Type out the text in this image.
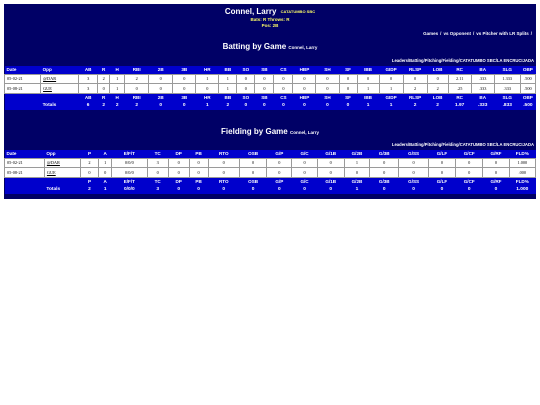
Connel, Larry CATATUMBO SBC
Bats: R Throws: R
Pos: 2B
Games / vs Opponent / vs Pitcher with LR Splits /
Batting by Game Connel, Larry
Leaders/Batting/Pitching/Fielding/CATATUMBO SBC/LA ENCRUCIJADA
Date	Opp	AB	R	H	RBI	2B	3B	HR	BB	SO	SB	CS	HBP	SH	SF	IBB	GIDP	RLSP	LOB	RC	BA	SLG	OBP
05-02-21	@DAR	3	2	1	2	0	0	1	1	0	0	0	0	0	0	0	0	0	0	2.11	.333	1.333	.500
05-08-21	GUE	3	0	1	0	0	0	0	1	0	0	0	0	0	0	1	1	2	2	.25	.333	.333	.500
		AB	R	H	RBI	2B	3B	HR	BB	SO	SB	CS	HBP	SH	SF	IBB	GIDP	RLSP	LOB	RC	BA	SLG	OBP
	Totals	6	2	2	2	0	0	1	2	0	0	0	0	0	0	1	1	2	2	1.97	.333	.833	.500
Fielding by Game Connel, Larry
Leaders/Batting/Pitching/Fielding/CATATUMBO SBC/LA ENCRUCIJADA
Date	Opp	P	A	E/F/T	TC	DP	PB	RTO	OSB	G/P	G/C	G/1B	G/2B	G/3B	G/SS	G/LF	G/CF	G/RF	FLD%
05-02-21	@DAR	2	1	0/0/0	3	0	0	0	0	0	0	0	1	0	0	0	0	0	1.000
05-08-21	GUE	0	0	0/0/0	0	0	0	0	0	0	0	0	0	0	0	0	0	0	.000
		P	A	E/F/T	TC	DP	PB	RTO	OSB	G/P	G/C	G/1B	G/2B	G/3B	G/SS	G/LF	G/CF	G/RF	FLD%
	Totals	2	1	0/0/0	3	0	0	0	0	0	0	0	1	0	0	0	0	0	1.000
